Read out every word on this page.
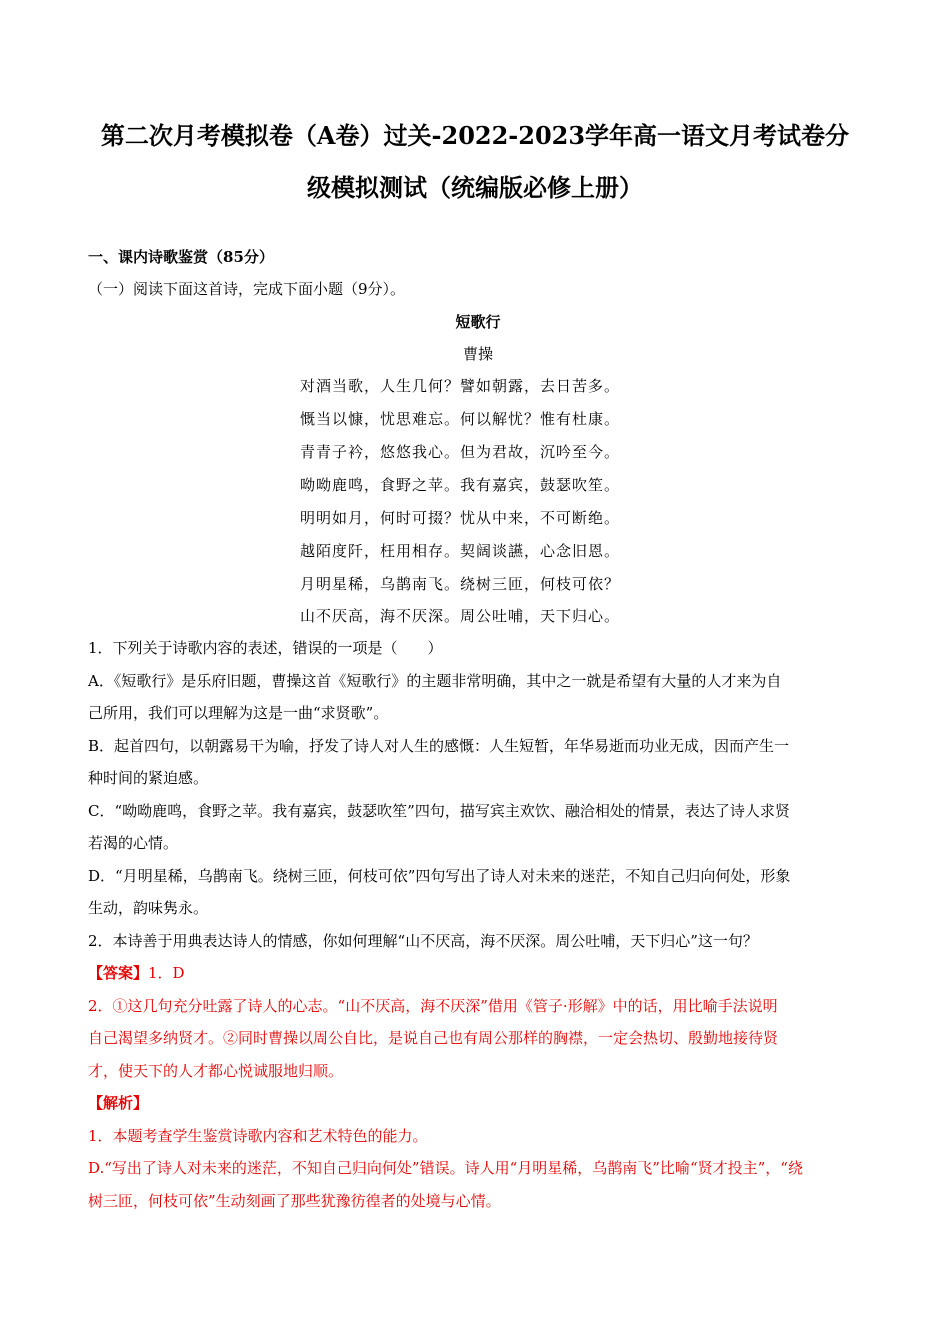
第二次月考模拟卷（A卷）过关-2022-2023学年高一语文月考试卷分
级模拟测试（统编版必修上册）
一、课内诗歌鉴赏（85分）
（一）阅读下面这首诗，完成下面小题（9分）。
短歌行
曹操
对酒当歌，人生几何？譬如朝露，去日苦多。
慨当以慷，忧思难忘。何以解忧？惟有杜康。
青青子衿，悠悠我心。但为君故，沉吟至今。
呦呦鹿鸣，食野之苹。我有嘉宾，鼓瑟吹笙。
明明如月，何时可掇？忧从中来，不可断绝。
越陌度阡，枉用相存。契阔谈讌，心念旧恩。
月明星稀，乌鹊南飞。绕树三匝，何枝可依？
山不厌高，海不厌深。周公吐哺，天下归心。
1．下列关于诗歌内容的表述，错误的一项是（　　）
A．《短歌行》是乐府旧题，曹操这首《短歌行》的主题非常明确，其中之一就是希望有大量的人才来为自
己所用，我们可以理解为这是一曲“求贤歌”。
B．起首四句，以朝露易干为喻，抒发了诗人对人生的感慨：人生短暂，年华易逝而功业无成，因而产生一
种时间的紧迫感。
C．“呦呦鹿鸣，食野之苹。我有嘉宾，鼓瑟吹笙”四句，描写宾主欢饮、融洽相处的情景，表达了诗人求贤
若渴的心情。
D．“月明星稀，乌鹊南飞。绕树三匝，何枝可依”四句写出了诗人对未来的迷茫，不知自己归向何处，形象
生动，韵味隽永。
2．本诗善于用典表达诗人的情感，你如何理解“山不厌高，海不厌深。周公吐哺，天下归心”这一句？
【答案】1．D
2．①这几句充分吐露了诗人的心志。“山不厌高，海不厌深”借用《管子·形解》中的话，用比喻手法说明
自己渴望多纳贤才。②同时曹操以周公自比，是说自己也有周公那样的胸襟，一定会热切、殷勤地接待贤
才，使天下的人才都心悦诚服地归顺。
【解析】
1．本题考查学生鉴赏诗歌内容和艺术特色的能力。
D.“写出了诗人对未来的迷茫，不知自己归向何处”错误。诗人用“月明星稀，乌鹊南飞”比喻“贤才投主”，“绕
树三匝，何枝可依”生动刻画了那些犹豫彷徨者的处境与心情。
